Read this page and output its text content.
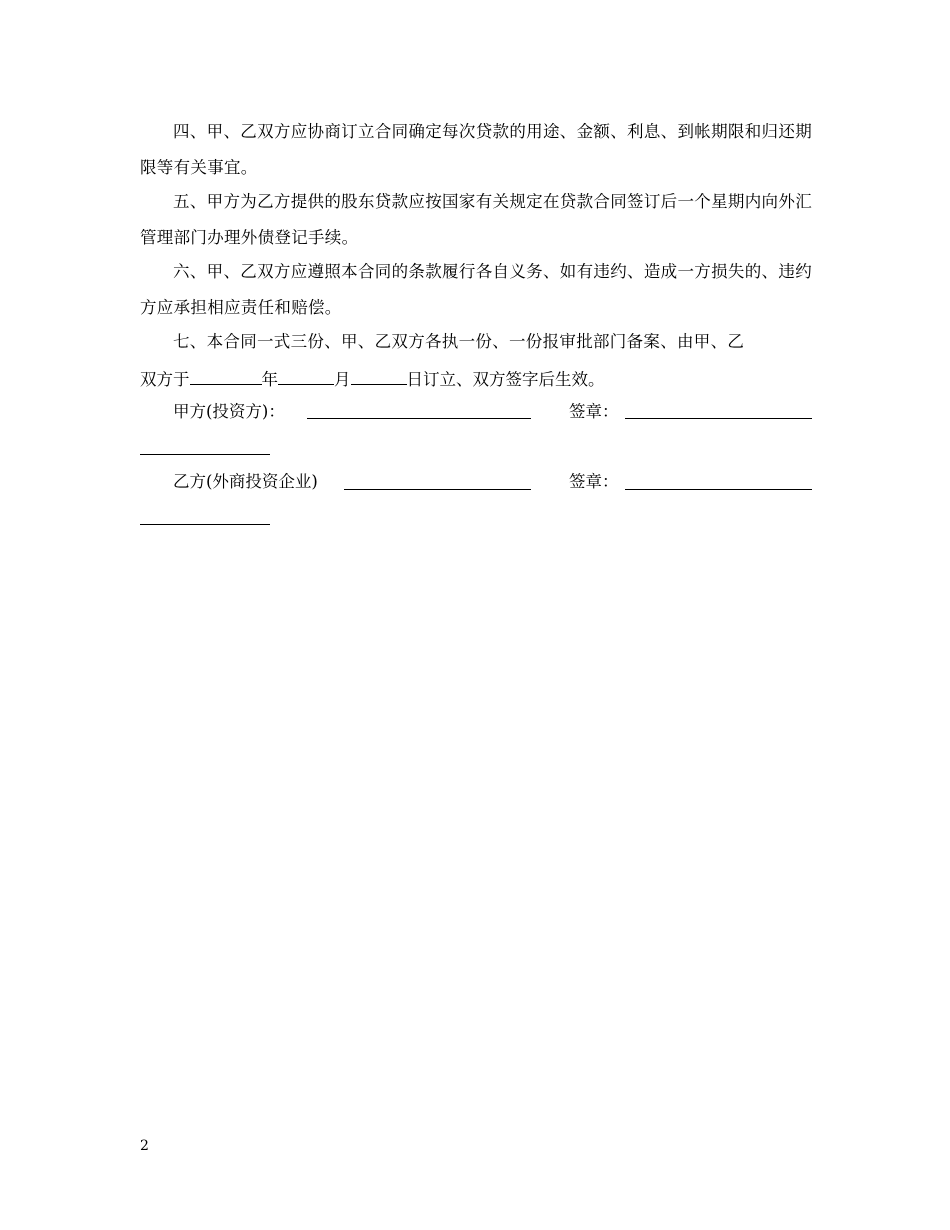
四、甲、乙双方应协商订立合同确定每次贷款的用途、金额、利息、到帐期限和归还期限等有关事宜。

五、甲方为乙方提供的股东贷款应按国家有关规定在贷款合同签订后一个星期内向外汇管理部门办理外债登记手续。

六、甲、乙双方应遵照本合同的条款履行各自义务、如有违约、造成一方损失的、违约方应承担相应责任和赔偿。

七、本合同一式三份、甲、乙双方各执一份、一份报审批部门备案、由甲、乙
双方于	年	月	日订立、双方签字后生效。
甲方(投资方)：	签章：
乙方(外商投资企业)	签章：
2
